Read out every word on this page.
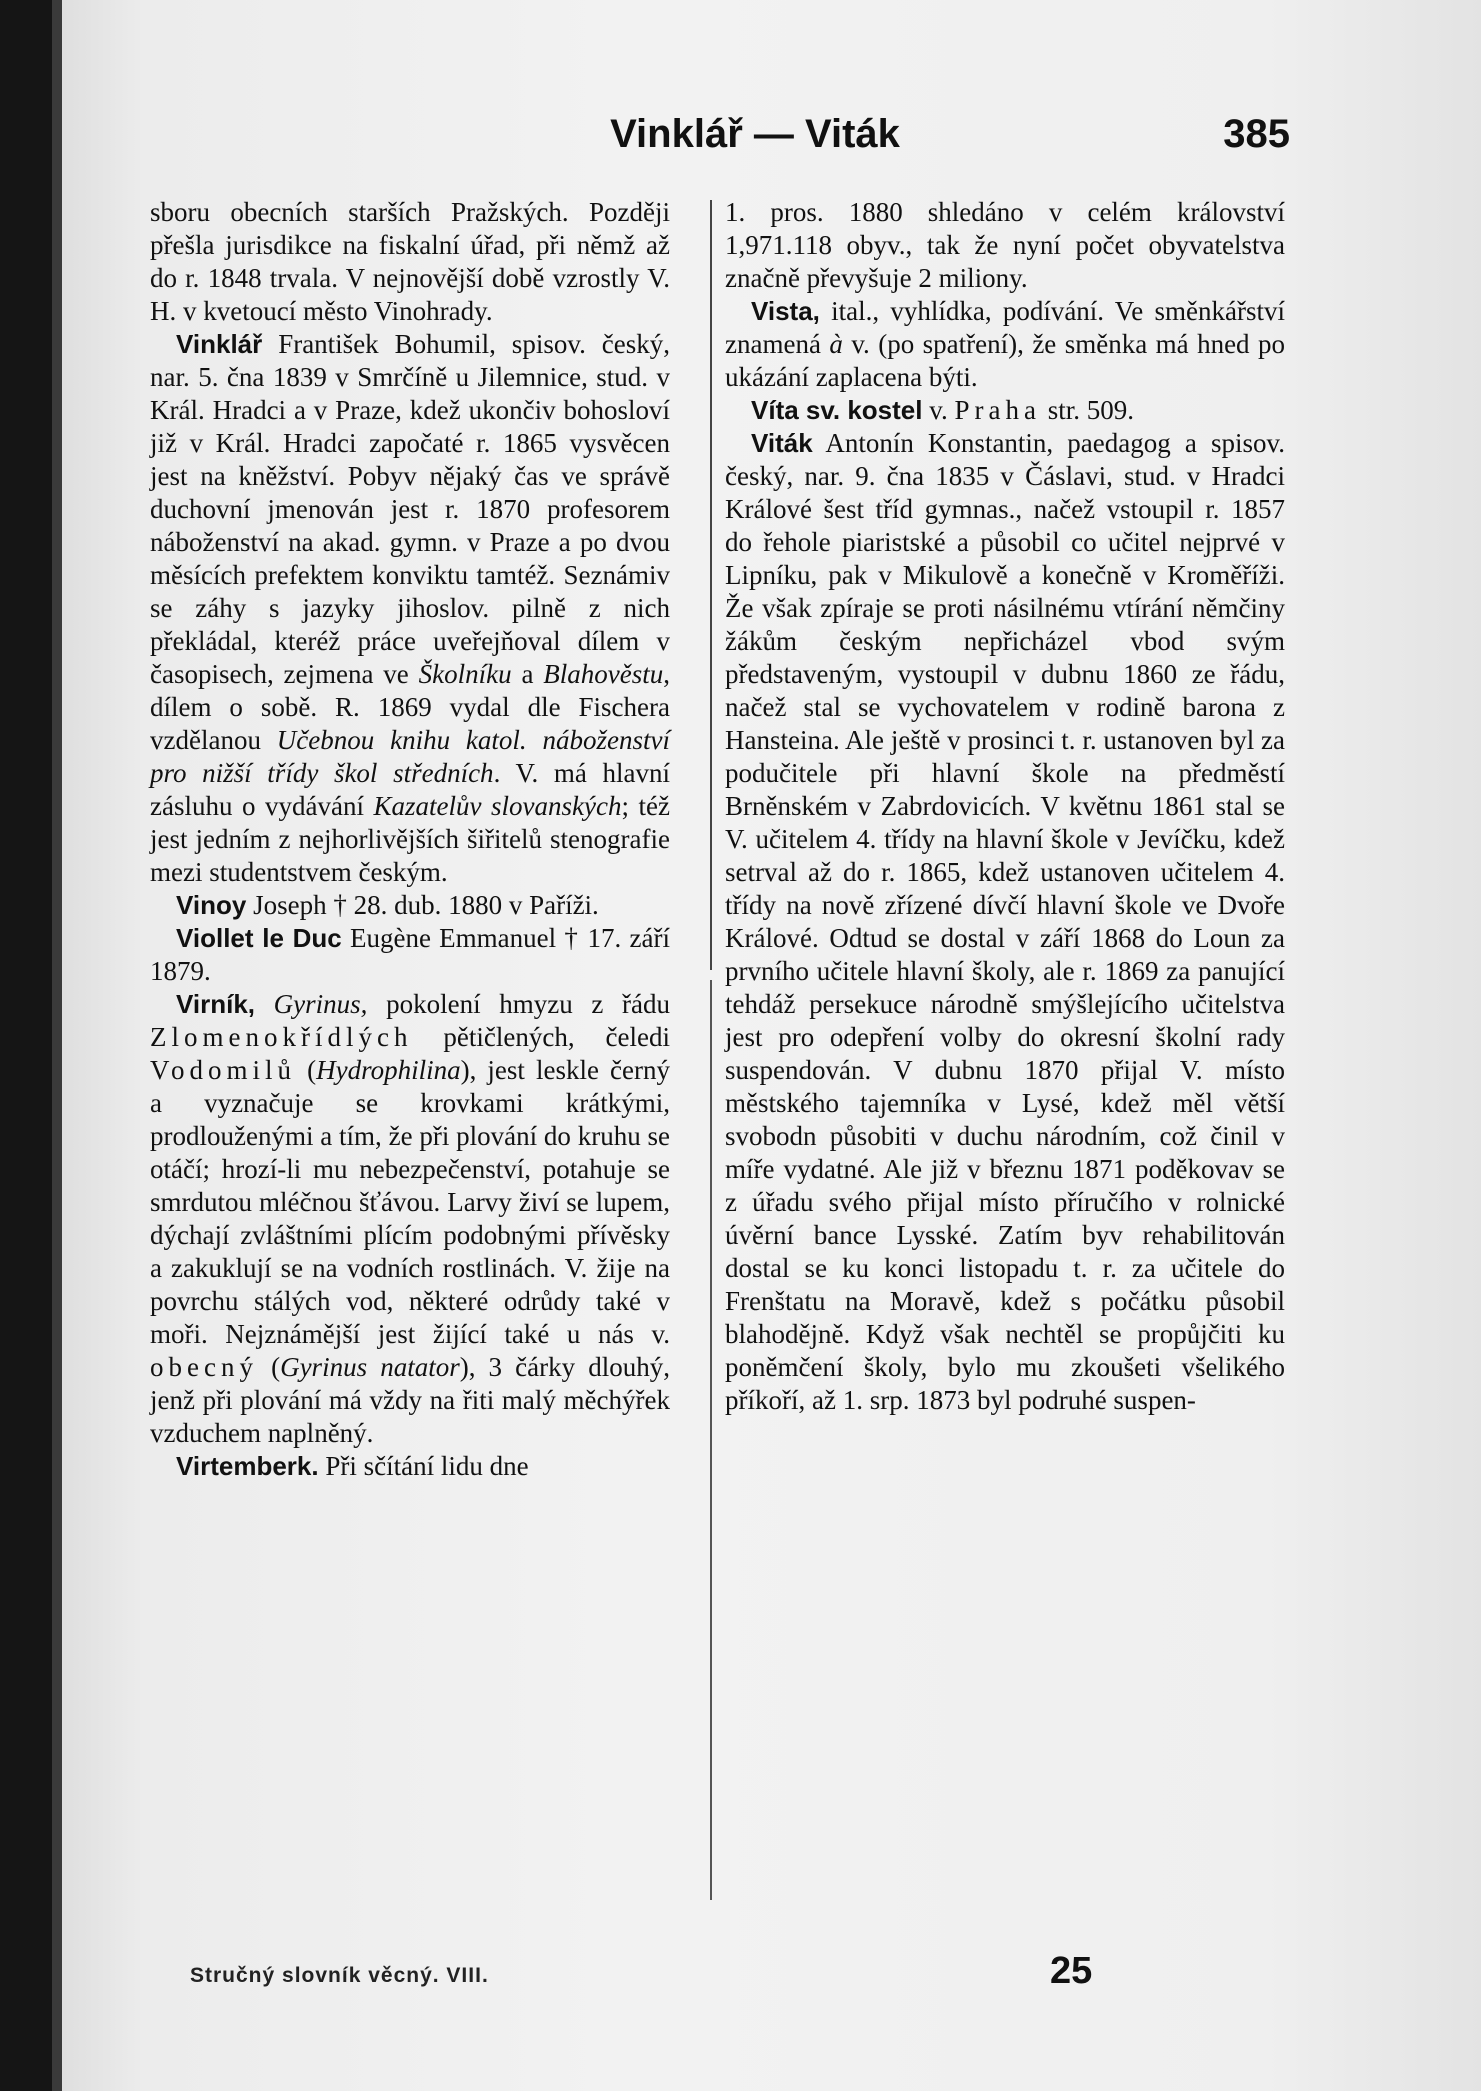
Vinklář — Viták	385

sboru obecních starších Pražských. Později přešla jurisdikce na fiskalní úřad, při němž až do r. 1848 trvala. V nejnovější době vzrostly V. H. v kvetoucí město Vinohrady.

Vinklář František Bohumil, spisov. český, nar. 5. čna 1839 v Smrčíně u Jilemnice, stud. v Král. Hradci a v Praze, kdež ukončiv bohosloví již v Král. Hradci započaté r. 1865 vysvěcen jest na kněžství. Pobyv nějaký čas ve správě duchovní jmenován jest r. 1870 profesorem náboženství na akad. gymn. v Praze a po dvou měsících prefektem konviktu tamtéž. Seznámiv se záhy s jazyky jihoslov. pilně z nich překládal, kteréž práce uveřejňoval dílem v časopisech, zejmena ve Školníku a Blahověstu, dílem o sobě. R. 1869 vydal dle Fischera vzdělanou Učebnou knihu katol. náboženství pro nižší třídy škol středních. V. má hlavní zásluhu o vydávání Kazatelův slovanských; též jest jedním z nejhorlivějších šiřitelů stenografie mezi studentstvem českým.

Vinoy Joseph † 28. dub. 1880 v Paříži.

Viollet le Duc Eugène Emmanuel † 17. září 1879.

Virník, Gyrinus, pokolení hmyzu z řádu Zlomenokřídlých pětičlených, čeledi Vodomilů (Hydrophilina), jest leskle černý a vyznačuje se krovkami krátkými, prodlouženými a tím, že při plování do kruhu se otáčí; hrozí-li mu nebezpečenství, potahuje se smrdutou mléčnou šťávou. Larvy živí se lupem, dýchají zvláštními plícím podobnými přívěsky a zakuklují se na vodních rostlinách. V. žije na povrchu stálých vod, některé odrůdy také v moři. Nejznámější jest žijící také u nás v. obecný (Gyrinus natator), 3 čárky dlouhý, jenž při plování má vždy na řiti malý měchýřek vzduchem naplněný.

Virtemberk. Při sčítání lidu dne

1. pros. 1880 shledáno v celém království 1,971.118 obyv., tak že nyní počet obyvatelstva značně převyšuje 2 miliony.

Vista, ital., vyhlídka, podívání. Ve směnkářství znamená à v. (po spatření), že směnka má hned po ukázání zaplacena býti.

Víta sv. kostel v. Praha str. 509.

Viták Antonín Konstantin, paedagog a spisov. český, nar. 9. čna 1835 v Čáslavi, stud. v Hradci Králové šest tříd gymnas., načež vstoupil r. 1857 do řehole piaristské a působil co učitel nejprvé v Lipníku, pak v Mikulově a konečně v Kroměříži. Že však zpíraje se proti násilnému vtírání němčiny žákům českým nepřicházel vbod svým představeným, vystoupil v dubnu 1860 ze řádu, načež stal se vychovatelem v rodině barona z Hansteina. Ale ještě v prosinci t. r. ustanoven byl za podučitele při hlavní škole na předměstí Brněnském v Zabrdovicích. V květnu 1861 stal se V. učitelem 4. třídy na hlavní škole v Jevíčku, kdež setrval až do r. 1865, kdež ustanoven učitelem 4. třídy na nově zřízené dívčí hlavní škole ve Dvoře Králové. Odtud se dostal v září 1868 do Loun za prvního učitele hlavní školy, ale r. 1869 za panující tehdáž persekuce národně smýšlejícího učitelstva jest pro odepření volby do okresní školní rady suspendován. V dubnu 1870 přijal V. místo městského tajemníka v Lysé, kdež měl větší svobodn působiti v duchu národním, což činil v míře vydatné. Ale již v březnu 1871 poděkovav se z úřadu svého přijal místo příručího v rolnické úvěrní bance Lysské. Zatím byv rehabilitován dostal se ku konci listopadu t. r. za učitele do Frenštatu na Moravě, kdež s počátku působil blahodějně. Když však nechtěl se propůjčiti ku poněmčení školy, bylo mu zkoušeti všelikého příkoří, až 1. srp. 1873 byl podruhé suspen-

Stručný slovník věcný. VIII.	25
